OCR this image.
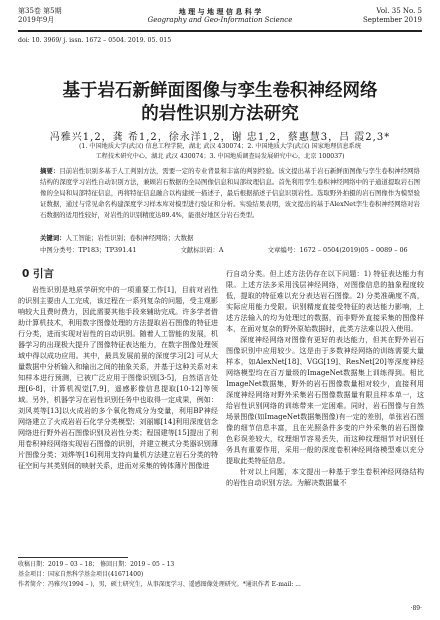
第35卷 第5期
2019年9月
地 理 与 地 理 信 息 科 学
Geography and Geo-Information Science
Vol. 35 No. 5
September 2019
doi: 10. 3969/ j. issn. 1672 – 0504. 2019. 05. 015
基于岩石新鲜面图像与孪生卷积神经网络
的岩性识别方法研究
冯雅兴1,2，龚 希1,2，徐永洋1,2，谢 忠1,2，蔡惠慧3，吕 霞2,3*
(1. 中国地质大学(武汉) 信息工程学院，湖北 武汉 430074；2. 中国地质大学(武汉) 国家地理信息系统
工程技术研究中心，湖北 武汉 430074；3. 中国地质调查局发展研究中心，北京 100037)
摘要：目前岩性识别多基于人工判别方法，需要一定的专业背景和丰富的判别经验。该文提出基于岩石新鲜面图像与孪生卷积神经网络结构的深度学习岩性自动识别方法，兼顾岩石数据的全局图像信息和局部纹理信息。首先利用孪生卷积神经网络中的子通道提取岩石图像的全局和局部特征信息，再将特征信息融合以构建统一描述子，最后根据描述子信息识别岩性。选取野外拍摄的岩石图像作为模型验证数据，通过与常见命名构建深度学习样本库对模型进行验证和分析。实验结果表明，该文提出的基于AlexNet孪生卷积神经网络对岩石数据的适用性较好，对岩性的识别精度达89.4%，能很好地区分岩石类型。
关键词：人工智能；岩性识别；卷积神经网络；大数据
中图分类号：TP183；TP391.41	文献标识码：A	文章编号：1672 – 0504(2019)05 – 0089 – 06
0 引言

岩性识别是地质学研究中的一项重要工作[1]，目前对岩性的识别主要由人工完成，该过程在一系列复杂的问题，受主观影响较大且费时费力，因此需要其他手段来辅助完成。许多学者借助计算机技术，利用数字图像处理的方法提取岩石图像的特征进行分类，进而实现对岩性的自动识别。随着人工智能的发展，机器学习的出现极大提升了图像特征表达能力，在数字图像处理领域中得以成功应用。其中，最具发展前景的深度学习[2] 可从大量数据中分析输入和输出之间的抽象关系，并基于这种关系对未知样本进行预测，已被广泛应用于图像识别[3-5]，自然语言处理[6-8]，计算机视觉[7,9]，遥感影像信息提取[10-12]等领域。另外，机器学习在岩性识别任务中也取得一定成果，例如：刘风英等[13]以火成岩的多个氧化物成分为变量，利用BP神经网络建立了火成岩岩石化学分类模型；刘丽娜[14]利用深度信念网络进行野外岩石图像识别及岩性分类；程国建等[15]提出了利用卷积神经网络实现岩石图像的识别，并建立模式分类器识别薄片图像分类；刘烨等[16]利用支持向量机方法建立岩石分类的特征空间与其类别间的映射关系，进而对采集的铸体薄片图像进

行自动分类。但上述方法仍存在以下问题：1) 特征表达能力有限。上述方法多采用浅层神经网络，对图像信息的抽象程度较低，提取的特征难以充分表达岩石图像。2) 分类准确度不高，实际应用能力受限。识别精度直接受特征的表达能力影响，上述方法输入的均为处理过的数据，而非野外直接采集的图像样本，在面对复杂的野外原始数据时，此类方法难以投入使用。

深度神经网络对图像有更好的表达能力，但其在野外岩石图像识别中应用较少。这是由于多数神经网络的训练需要大量样本，如AlexNet[18]、VGG[19]、ResNet[20]等深度神经网络模型均在百万量级的ImageNet数据集上训练得到。相比ImageNet数据集，野外的岩石图像数量相对较少，直接利用深度神经网络对野外采集岩石图像数据量有限且样本单一，这给岩性识别网络的训练带来一定困难。同时，岩石图像与自然场景图像(如ImageNet数据集图像)有一定的差别，单张岩石图像的细节信息丰富，且在光照条件多变的户外采集的岩石图像色彩误差较大，纹理细节容易丢失，而这种纹理细节对识别任务具有重要作用，采用一般的深度卷积神经网络模型难以充分提取此类特征信息。

针对以上问题，本文提出一种基于孪生卷积神经网络结构的岩性自动识别方法。为解决数据量不

收稿日期：2019 – 03 – 18； 修回日期：2019 – 05 – 13
基金项目：国家自然科学基金项目(41671400)
作者简介：冯雅兴(1994 – )，男，硕士研究生，从事深度学习、遥感图像处理研究。*通讯作者 E-mail: ...
·89·
